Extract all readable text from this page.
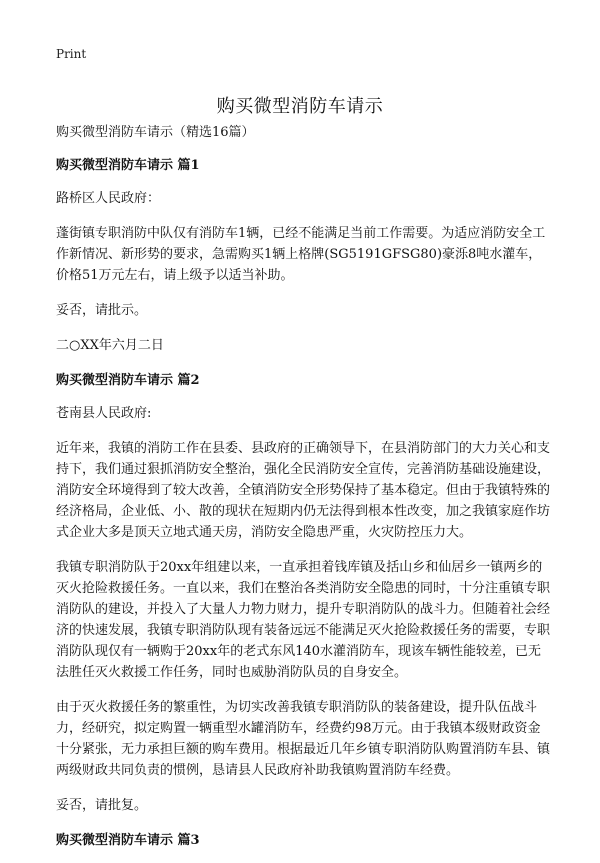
Print
购买微型消防车请示

购买微型消防车请示（精选16篇）

购买微型消防车请示 篇1

路桥区人民政府：

蓬街镇专职消防中队仅有消防车1辆，已经不能满足当前工作需要。为适应消防安全工作新情况、新形势的要求，急需购买1辆上格牌(SG5191GFSG80)豪泺8吨水灌车，价格51万元左右，请上级予以适当补助。

妥否，请批示。

二○XX年六月二日

购买微型消防车请示 篇2

苍南县人民政府:

近年来，我镇的消防工作在县委、县政府的正确领导下，在县消防部门的大力关心和支持下，我们通过狠抓消防安全整治，强化全民消防安全宣传，完善消防基础设施建设，消防安全环境得到了较大改善，全镇消防安全形势保持了基本稳定。但由于我镇特殊的经济格局，企业低、小、散的现状在短期内仍无法得到根本性改变，加之我镇家庭作坊式企业大多是顶天立地式通天房，消防安全隐患严重，火灾防控压力大。

我镇专职消防队于20xx年组建以来，一直承担着钱库镇及括山乡和仙居乡一镇两乡的灭火抢险救援任务。一直以来，我们在整治各类消防安全隐患的同时，十分注重镇专职消防队的建设，并投入了大量人力物力财力，提升专职消防队的战斗力。但随着社会经济的快速发展，我镇专职消防队现有装备远远不能满足灭火抢险救援任务的需要，专职消防队现仅有一辆购于20xx年的老式东风140水灌消防车，现该车辆性能较差，已无法胜任灭火救援工作任务，同时也威胁消防队员的自身安全。

由于灭火救援任务的繁重性，为切实改善我镇专职消防队的装备建设，提升队伍战斗力，经研究，拟定购置一辆重型水罐消防车，经费约98万元。由于我镇本级财政资金十分紧张，无力承担巨额的购车费用。根据最近几年乡镇专职消防队购置消防车县、镇两级财政共同负责的惯例，恳请县人民政府补助我镇购置消防车经费。

妥否，请批复。

购买微型消防车请示 篇3
